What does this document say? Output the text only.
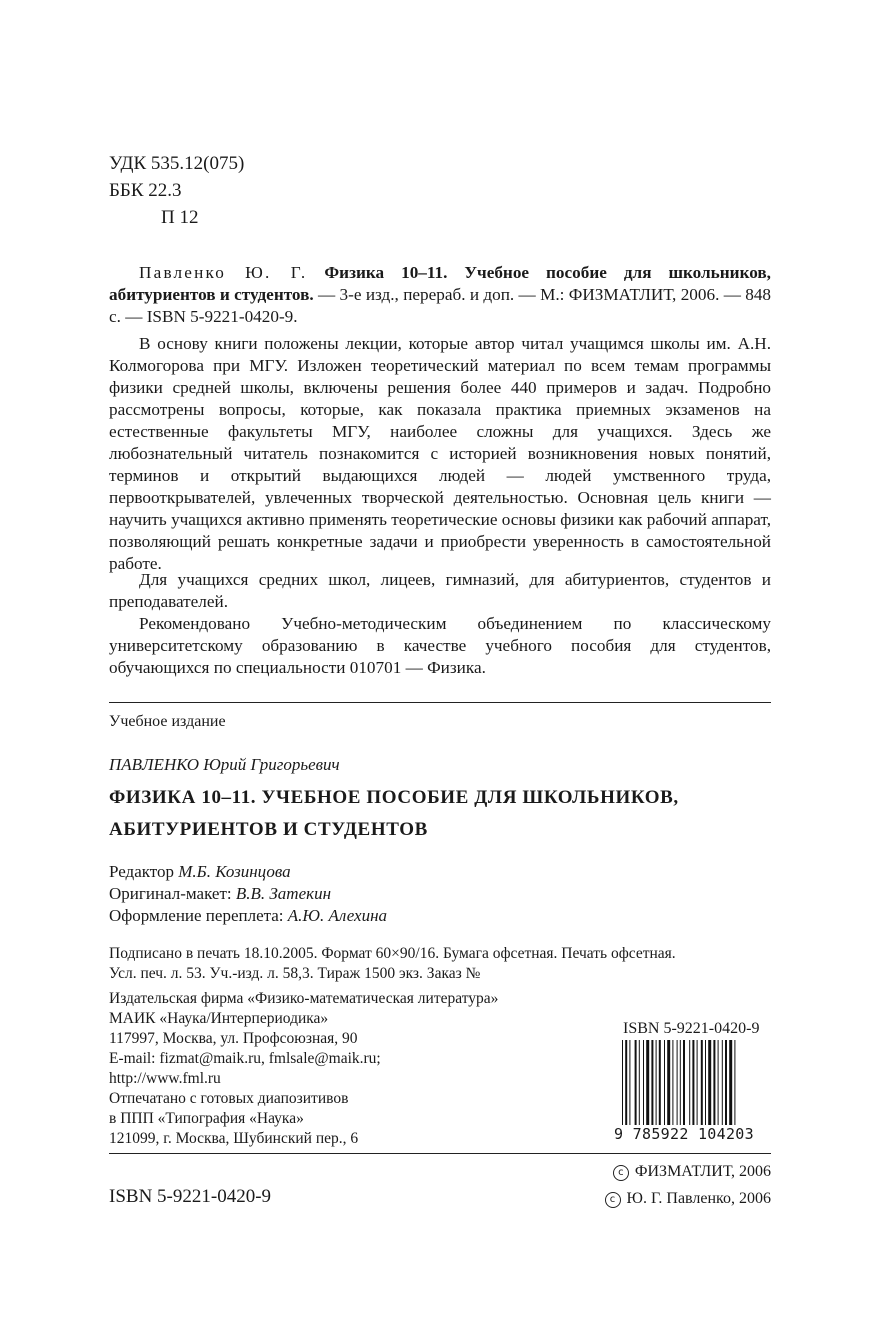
УДК 535.12(075)
ББК 22.3
П 12
Павленко Ю. Г. Физика 10–11. Учебное пособие для школьников, абитуриентов и студентов. — 3-е изд., перераб. и доп. — М.: ФИЗМАТЛИТ, 2006. — 848 с. — ISBN 5-9221-0420-9.
В основу книги положены лекции, которые автор читал учащимся школы им. А.Н. Колмогорова при МГУ. Изложен теоретический материал по всем темам программы физики средней школы, включены решения более 440 примеров и задач. Подробно рассмотрены вопросы, которые, как показала практика приемных экзаменов на естественные факультеты МГУ, наиболее сложны для учащихся. Здесь же любознательный читатель познакомится с историей возникновения новых понятий, терминов и открытий выдающихся людей — людей умственного труда, первооткрывателей, увлеченных творческой деятельностью. Основная цель книги — научить учащихся активно применять теоретические основы физики как рабочий аппарат, позволяющий решать конкретные задачи и приобрести уверенность в самостоятельной работе.
Для учащихся средних школ, лицеев, гимназий, для абитуриентов, студентов и преподавателей.
Рекомендовано Учебно-методическим объединением по классическому университетскому образованию в качестве учебного пособия для студентов, обучающихся по специальности 010701 — Физика.
Учебное издание
ПАВЛЕНКО Юрий Григорьевич
ФИЗИКА 10–11. УЧЕБНОЕ ПОСОБИЕ ДЛЯ ШКОЛЬНИКОВ,
АБИТУРИЕНТОВ И СТУДЕНТОВ
Редактор М.Б. Козинцова
Оригинал-макет: В.В. Затекин
Оформление переплета: А.Ю. Алехина
Подписано в печать 18.10.2005. Формат 60×90/16. Бумага офсетная. Печать офсетная.
Усл. печ. л. 53. Уч.-изд. л. 58,3. Тираж 1500 экз. Заказ №
Издательская фирма «Физико-математическая литература»
МАИК «Наука/Интерпериодика»
117997, Москва, ул. Профсоюзная, 90
E-mail: fizmat@maik.ru, fmlsale@maik.ru;
http://www.fml.ru
Отпечатано с готовых диапозитивов
в ППП «Типография «Наука»
121099, г. Москва, Шубинский пер., 6
ISBN 5-9221-0420-9
9 785922 104203
ISBN 5-9221-0420-9
c ФИЗМАТЛИТ, 2006
c Ю. Г. Павленко, 2006
